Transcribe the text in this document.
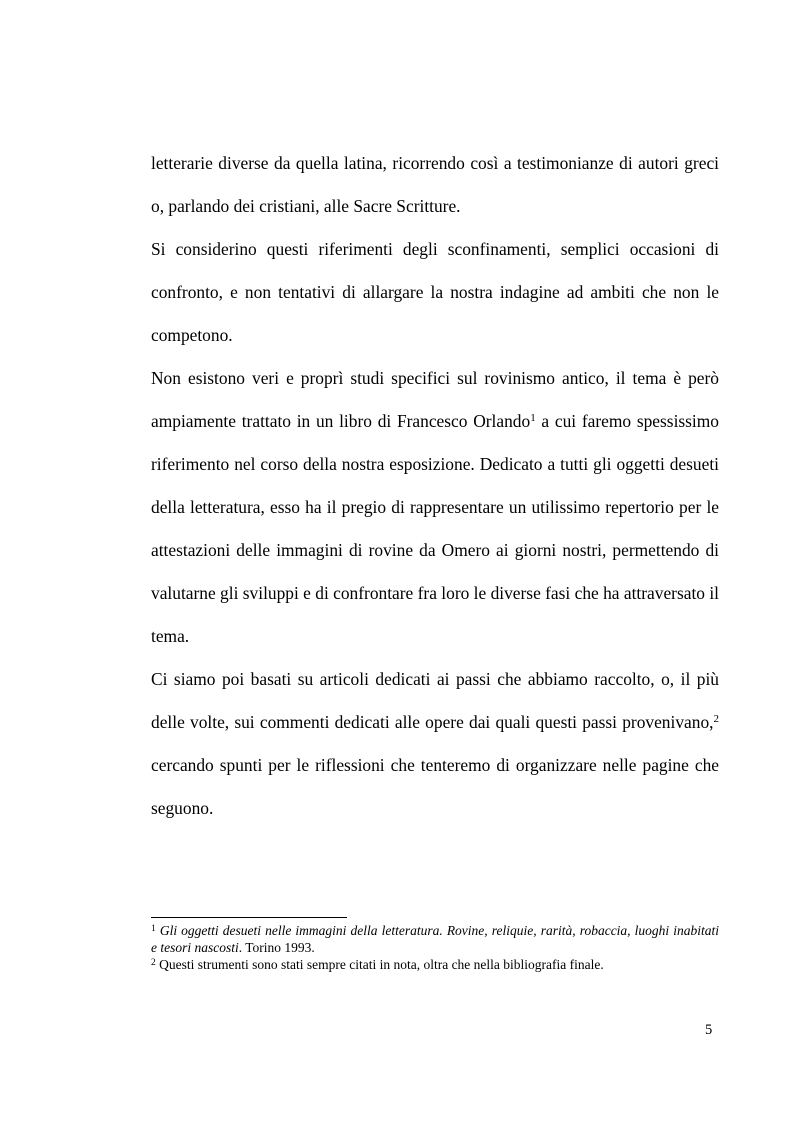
letterarie diverse da quella latina, ricorrendo così a testimonianze di autori greci o, parlando dei cristiani, alle Sacre Scritture.

Si considerino questi riferimenti degli sconfinamenti, semplici occasioni di confronto, e non tentativi di allargare la nostra indagine ad ambiti che non le competono.

Non esistono veri e proprì studi specifici sul rovinismo antico, il tema è però ampiamente trattato in un libro di Francesco Orlando$^1$ a cui faremo spessissimo riferimento nel corso della nostra esposizione. Dedicato a tutti gli oggetti desueti della letteratura, esso ha il pregio di rappresentare un utilissimo repertorio per le attestazioni delle immagini di rovine da Omero ai giorni nostri, permettendo di valutarne gli sviluppi e di confrontare fra loro le diverse fasi che ha attraversato il tema.

Ci siamo poi basati su articoli dedicati ai passi che abbiamo raccolto, o, il più delle volte, sui commenti dedicati alle opere dai quali questi passi provenivano,$^2$ cercando spunti per le riflessioni che tenteremo di organizzare nelle pagine che seguono.

$^1$ Gli oggetti desueti nelle immagini della letteratura. Rovine, reliquie, rarità, robaccia, luoghi inabitati e tesori nascosti. Torino 1993.

$^2$ Questi strumenti sono stati sempre citati in nota, oltra che nella bibliografia finale.

5
